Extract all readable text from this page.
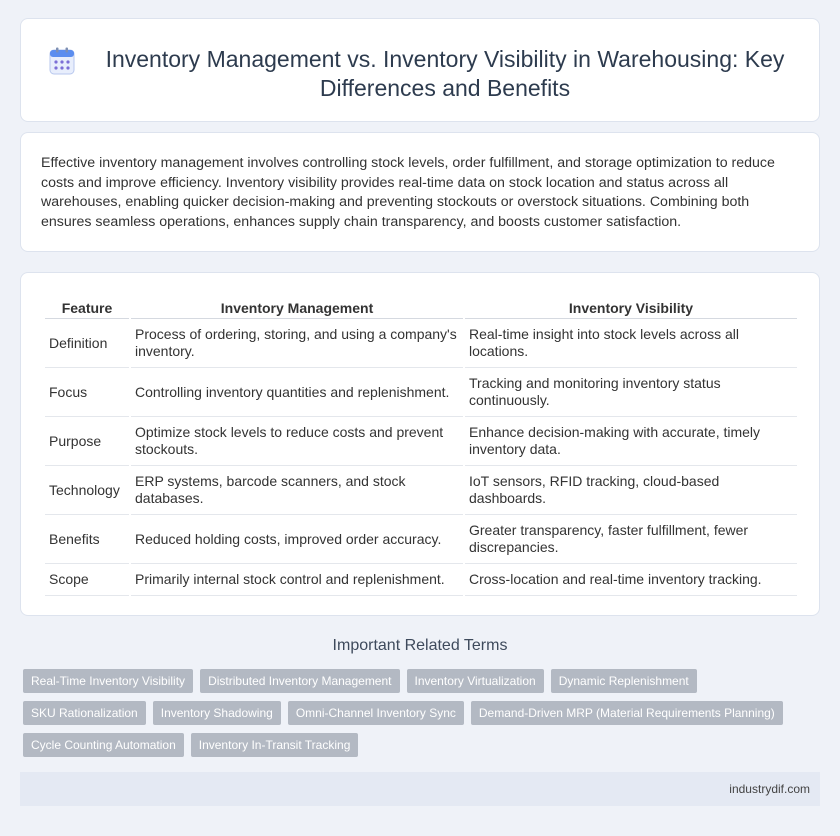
Inventory Management vs. Inventory Visibility in Warehousing: Key Differences and Benefits

Effective inventory management involves controlling stock levels, order fulfillment, and storage optimization to reduce costs and improve efficiency. Inventory visibility provides real-time data on stock location and status across all warehouses, enabling quicker decision-making and preventing stockouts or overstock situations. Combining both ensures seamless operations, enhances supply chain transparency, and boosts customer satisfaction.

Feature	Inventory Management	Inventory Visibility
Definition	Process of ordering, storing, and using a company's inventory.	Real-time insight into stock levels across all locations.
Focus	Controlling inventory quantities and replenishment.	Tracking and monitoring inventory status continuously.
Purpose	Optimize stock levels to reduce costs and prevent stockouts.	Enhance decision-making with accurate, timely inventory data.
Technology	ERP systems, barcode scanners, and stock databases.	IoT sensors, RFID tracking, cloud-based dashboards.
Benefits	Reduced holding costs, improved order accuracy.	Greater transparency, faster fulfillment, fewer discrepancies.
Scope	Primarily internal stock control and replenishment.	Cross-location and real-time inventory tracking.
Important Related Terms
Real-Time Inventory Visibility	Distributed Inventory Management	Inventory Virtualization	Dynamic Replenishment
SKU Rationalization	Inventory Shadowing	Omni-Channel Inventory Sync	Demand-Driven MRP (Material Requirements Planning)
Cycle Counting Automation	Inventory In-Transit Tracking
industrydif.com
